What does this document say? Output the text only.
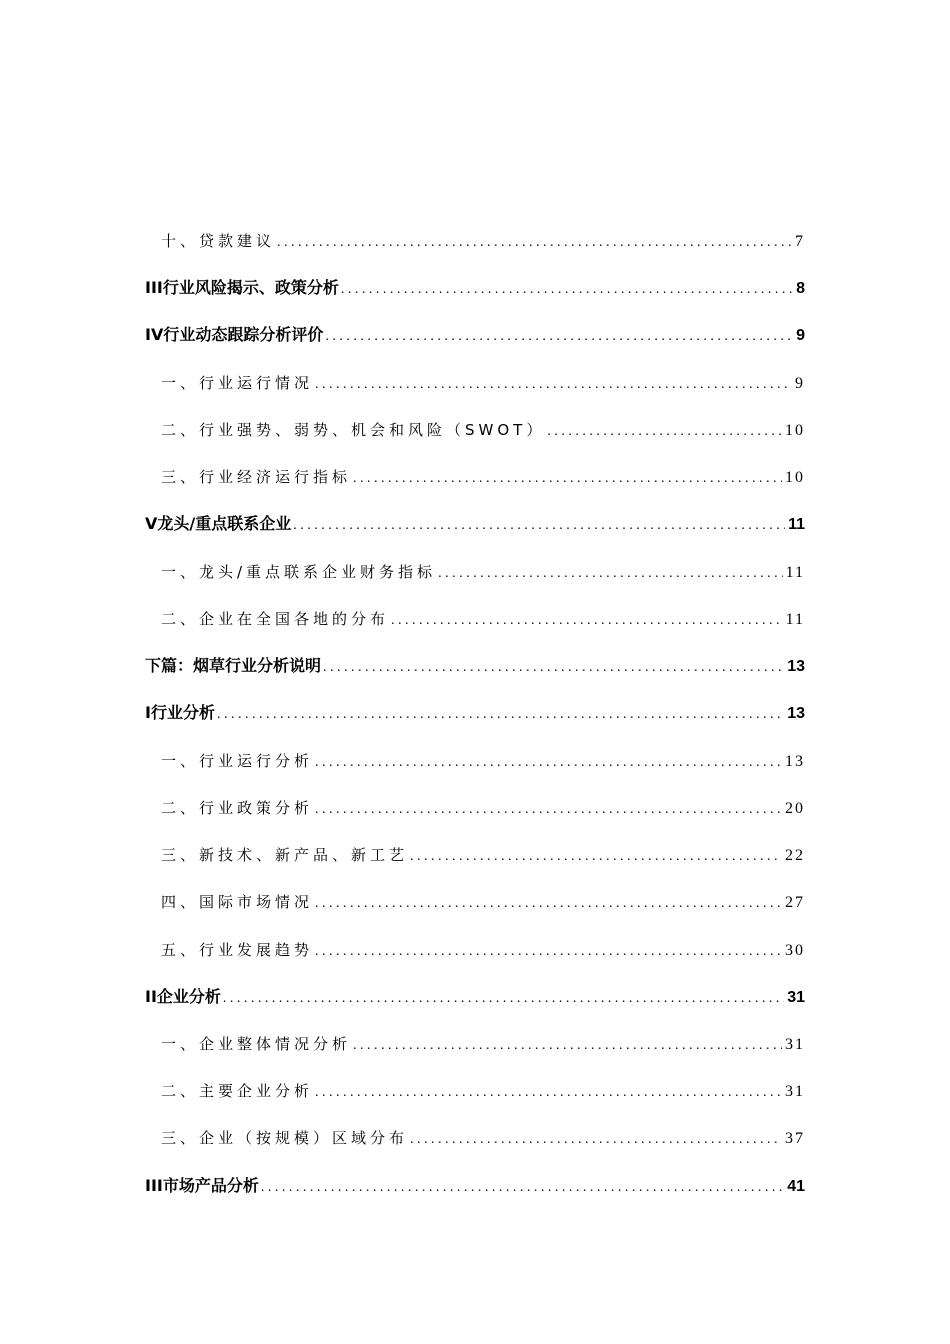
十、贷款建议 . . .	7
III行业风险揭示、政策分析 . . .	8
IV行业动态跟踪分析评价 . . .	9
一、行业运行情况 . . .	9
二、行业强势、弱势、机会和风险（SWOT） . . .	10
三、行业经济运行指标 . . .	10
V龙头/重点联系企业 . . .	11
一、龙头/重点联系企业财务指标 . . .	11
二、企业在全国各地的分布 . . .	11
下篇：烟草行业分析说明 . . .	13
I行业分析 . . .	13
一、行业运行分析 . . .	13
二、行业政策分析 . . .	20
三、新技术、新产品、新工艺 . . .	22
四、国际市场情况 . . .	27
五、行业发展趋势 . . .	30
II企业分析 . . .	31
一、企业整体情况分析 . . .	31
二、主要企业分析 . . .	31
三、企业（按规模）区域分布 . . .	37
III市场产品分析 . . .	41
